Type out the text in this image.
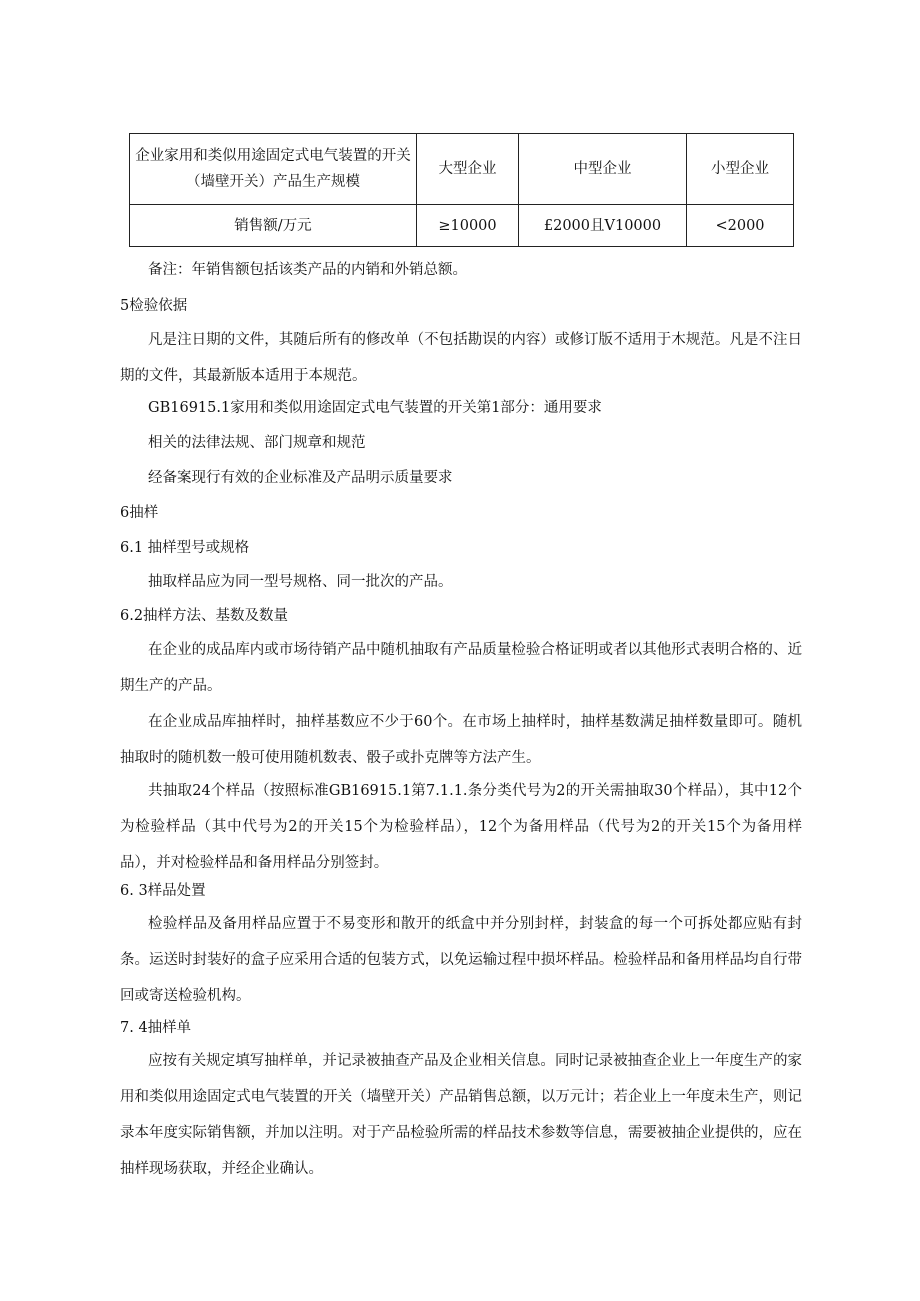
企业家用和类似用途固定式电气装置的开关（墙壁开关）产品生产规模	大型企业	中型企业	小型企业
销售额/万元	≥10000	£2000且V10000	<2000
备注：年销售额包括该类产品的内销和外销总额。
5检验依据
凡是注日期的文件，其随后所有的修改单（不包括勘误的内容）或修订版不适用于木规范。凡是不注日期的文件，其最新版本适用于本规范。
GB16915.1家用和类似用途固定式电气装置的开关第1部分：通用要求
相关的法律法规、部门规章和规范
经备案现行有效的企业标准及产品明示质量要求
6抽样
6.1 抽样型号或规格
抽取样品应为同一型号规格、同一批次的产品。
6.2抽样方法、基数及数量
在企业的成品库内或市场待销产品中随机抽取有产品质量检验合格证明或者以其他形式表明合格的、近期生产的产品。
在企业成品库抽样时，抽样基数应不少于60个。在市场上抽样时，抽样基数满足抽样数量即可。随机抽取时的随机数一般可使用随机数表、骰子或扑克牌等方法产生。
共抽取24个样品（按照标准GB16915.1第7.1.1.条分类代号为2的开关需抽取30个样品），其中12个为检验样品（其中代号为2的开关15个为检验样品），12个为备用样品（代号为2的开关15个为备用样品），并对检验样品和备用样品分别签封。
6. 3样品处置
检验样品及备用样品应置于不易变形和散开的纸盒中并分别封样，封装盒的每一个可拆处都应贴有封条。运送时封装好的盒子应采用合适的包装方式，以免运输过程中损坏样品。检验样品和备用样品均自行带回或寄送检验机构。
7. 4抽样单
应按有关规定填写抽样单，并记录被抽查产品及企业相关信息。同时记录被抽查企业上一年度生产的家用和类似用途固定式电气装置的开关（墙壁开关）产品销售总额，以万元计；若企业上一年度未生产，则记录本年度实际销售额，并加以注明。对于产品检验所需的样品技术参数等信息，需要被抽企业提供的，应在抽样现场获取，并经企业确认。
